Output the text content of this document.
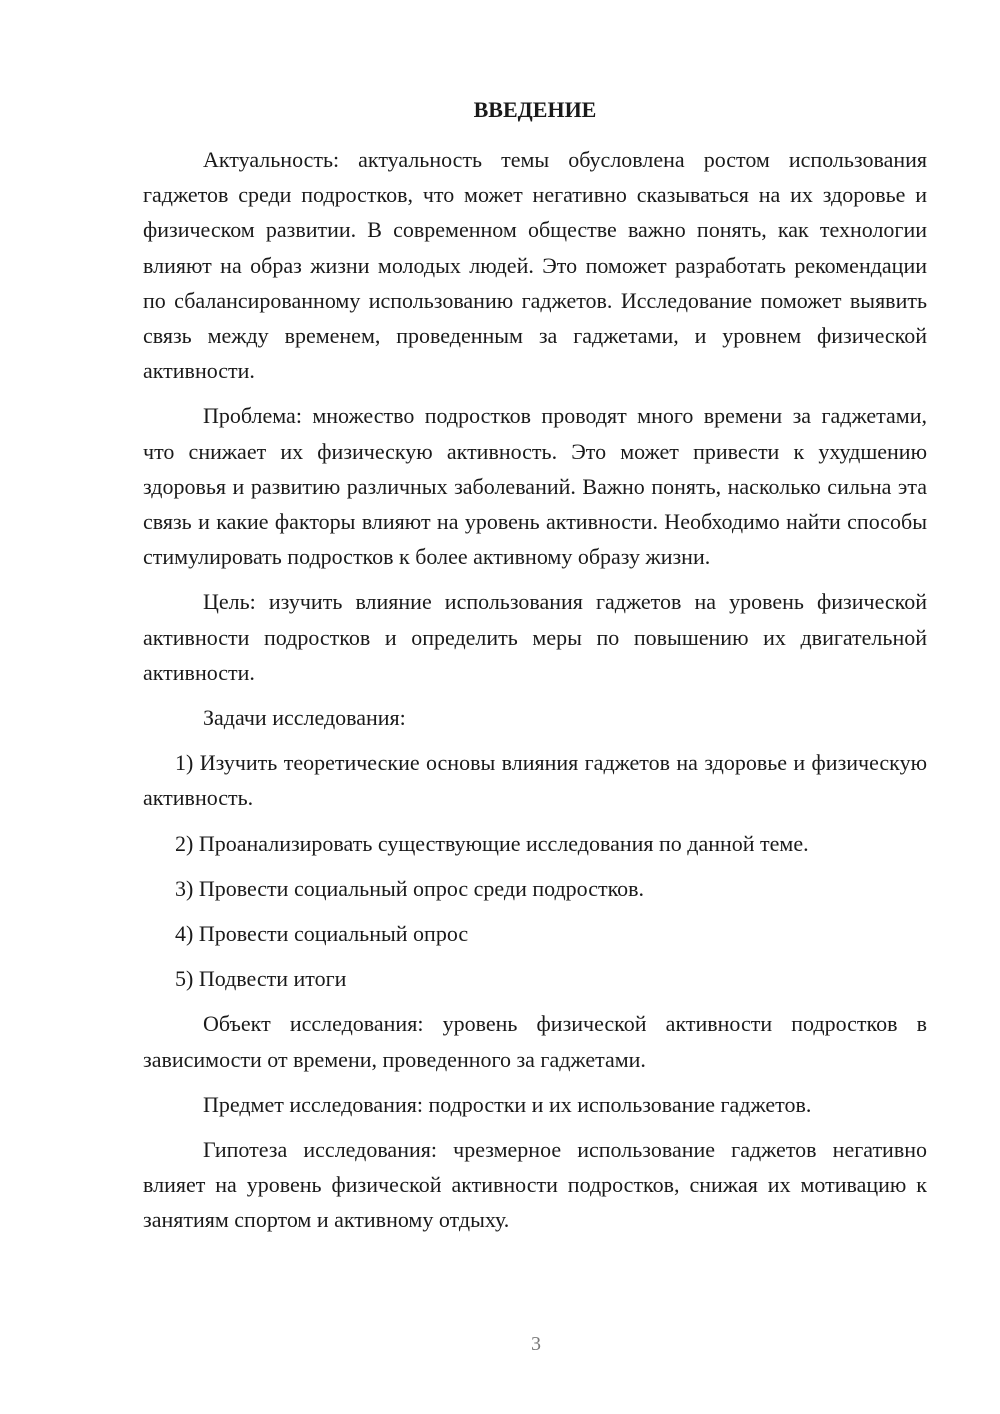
ВВЕДЕНИЕ

Актуальность: актуальность темы обусловлена ростом использования гаджетов среди подростков, что может негативно сказываться на их здоровье и физическом развитии. В современном обществе важно понять, как технологии влияют на образ жизни молодых людей. Это поможет разработать рекомендации по сбалансированному использованию гаджетов. Исследование поможет выявить связь между временем, проведенным за гаджетами, и уровнем физической активности.

Проблема: множество подростков проводят много времени за гаджетами, что снижает их физическую активность. Это может привести к ухудшению здоровья и развитию различных заболеваний. Важно понять, насколько сильна эта связь и какие факторы влияют на уровень активности. Необходимо найти способы стимулировать подростков к более активному образу жизни.

Цель: изучить влияние использования гаджетов на уровень физической активности подростков и определить меры по повышению их двигательной активности.

Задачи исследования:

1) Изучить теоретические основы влияния гаджетов на здоровье и физическую активность.

2) Проанализировать существующие исследования по данной теме.

3) Провести социальный опрос среди подростков.

4) Провести социальный опрос

5) Подвести итоги

Объект исследования: уровень физической активности подростков в зависимости от времени, проведенного за гаджетами.

Предмет исследования: подростки и их использование гаджетов.

Гипотеза исследования: чрезмерное использование гаджетов негативно влияет на уровень физической активности подростков, снижая их мотивацию к занятиям спортом и активному отдыху.

3
